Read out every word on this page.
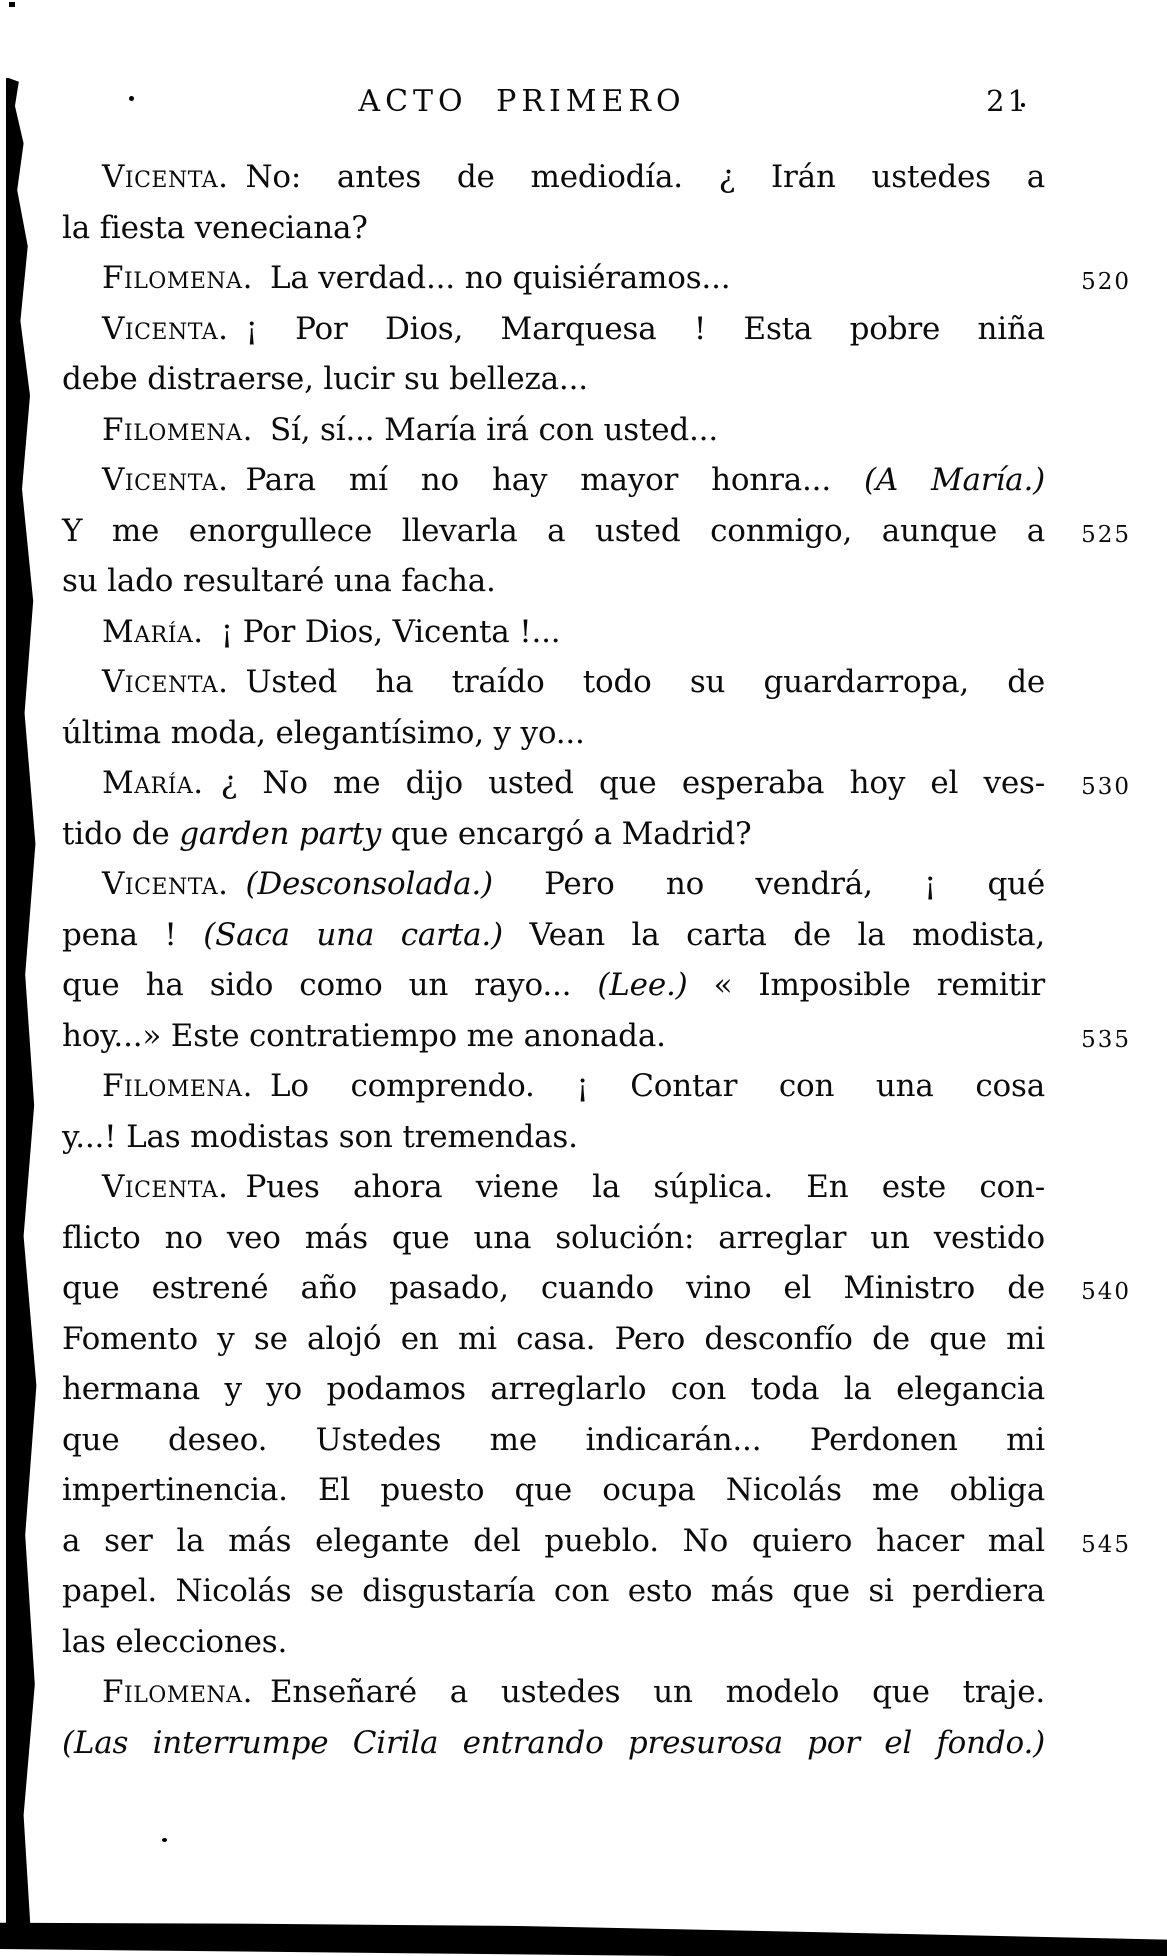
ACTO PRIMERO	21
Vicenta. No: antes de mediodía. ¿ Irán ustedes a
la fiesta veneciana?
Filomena. La verdad... no quisiéramos...	520
Vicenta. ¡ Por Dios, Marquesa ! Esta pobre niña
debe distraerse, lucir su belleza...
Filomena. Sí, sí... María irá con usted...
Vicenta. Para mí no hay mayor honra... (A María.)
Y me enorgullece llevarla a usted conmigo, aunque a 525
su lado resultaré una facha.
María. ¡ Por Dios, Vicenta !...
Vicenta. Usted ha traído todo su guardarropa, de
última moda, elegantísimo, y yo...
María. ¿ No me dijo usted que esperaba hoy el ves- 530
tido de garden party que encargó a Madrid?
Vicenta. (Desconsolada.) Pero no vendrá, ¡ qué
pena ! (Saca una carta.) Vean la carta de la modista,
que ha sido como un rayo... (Lee.) « Imposible remitir
hoy...» Este contratiempo me anonada.	535
Filomena. Lo comprendo. ¡ Contar con una cosa
y...! Las modistas son tremendas.
Vicenta. Pues ahora viene la súplica. En este con-
flicto no veo más que una solución: arreglar un vestido
que estrené año pasado, cuando vino el Ministro de 540
Fomento y se alojó en mi casa. Pero desconfío de que mi
hermana y yo podamos arreglarlo con toda la elegancia
que deseo. Ustedes me indicarán... Perdonen mi
impertinencia. El puesto que ocupa Nicolás me obliga
a ser la más elegante del pueblo. No quiero hacer mal 545
papel. Nicolás se disgustaría con esto más que si perdiera
las elecciones.
Filomena. Enseñaré a ustedes un modelo que traje.
(Las interrumpe Cirila entrando presurosa por el fondo.)
